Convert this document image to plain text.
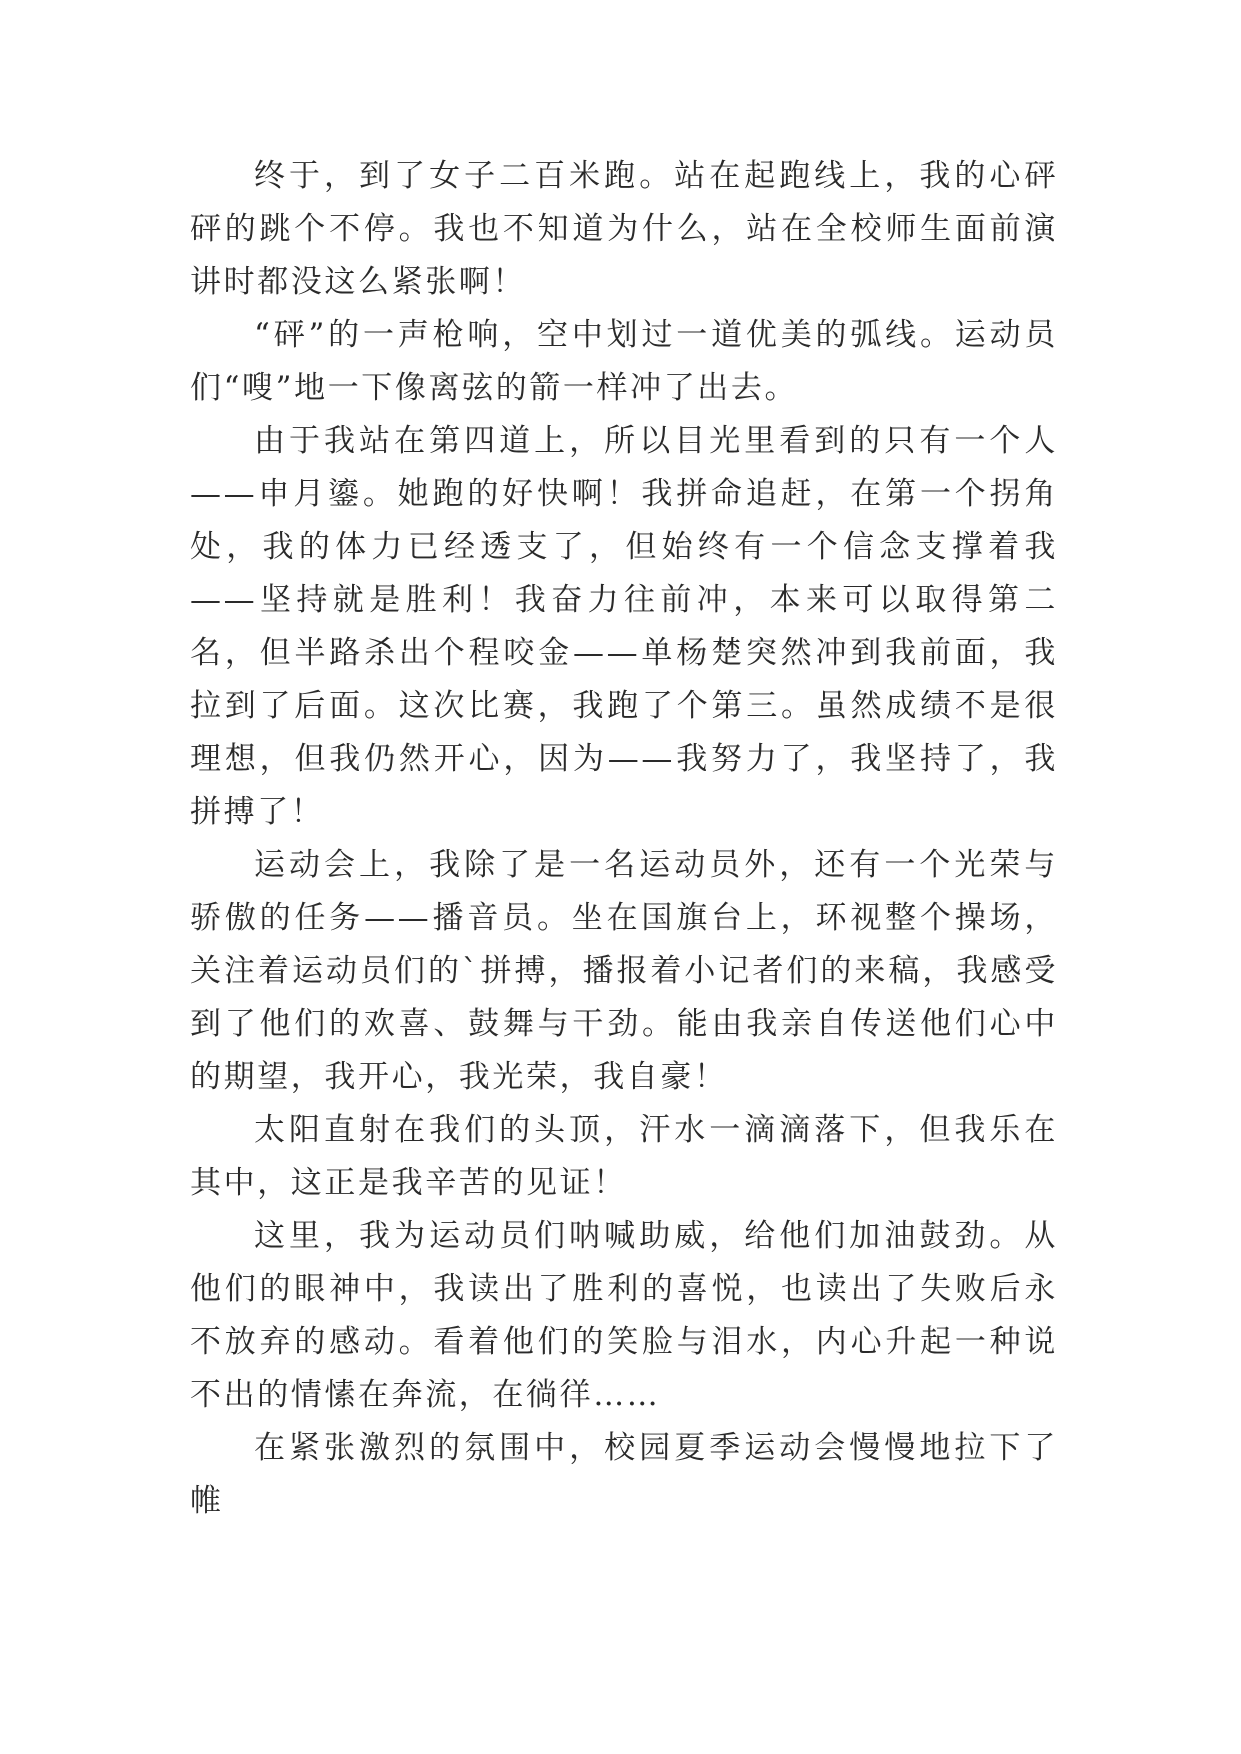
终于，到了女子二百米跑。站在起跑线上，我的心砰砰的跳个不停。我也不知道为什么，站在全校师生面前演讲时都没这么紧张啊！

“砰”的一声枪响，空中划过一道优美的弧线。运动员们“嗖”地一下像离弦的箭一样冲了出去。

由于我站在第四道上，所以目光里看到的只有一个人——申月鎏。她跑的好快啊！我拼命追赶，在第一个拐角处，我的体力已经透支了，但始终有一个信念支撑着我——坚持就是胜利！我奋力往前冲，本来可以取得第二名，但半路杀出个程咬金——单杨楚突然冲到我前面，我拉到了后面。这次比赛，我跑了个第三。虽然成绩不是很理想，但我仍然开心，因为——我努力了，我坚持了，我拼搏了！

运动会上，我除了是一名运动员外，还有一个光荣与骄傲的任务——播音员。坐在国旗台上，环视整个操场，关注着运动员们的`拼搏，播报着小记者们的来稿，我感受到了他们的欢喜、鼓舞与干劲。能由我亲自传送他们心中的期望，我开心，我光荣，我自豪！

太阳直射在我们的头顶，汗水一滴滴落下，但我乐在其中，这正是我辛苦的见证！

这里，我为运动员们呐喊助威，给他们加油鼓劲。从他们的眼神中，我读出了胜利的喜悦，也读出了失败后永不放弃的感动。看着他们的笑脸与泪水，内心升起一种说不出的情愫在奔流，在徜徉……

在紧张激烈的氛围中，校园夏季运动会慢慢地拉下了帷
